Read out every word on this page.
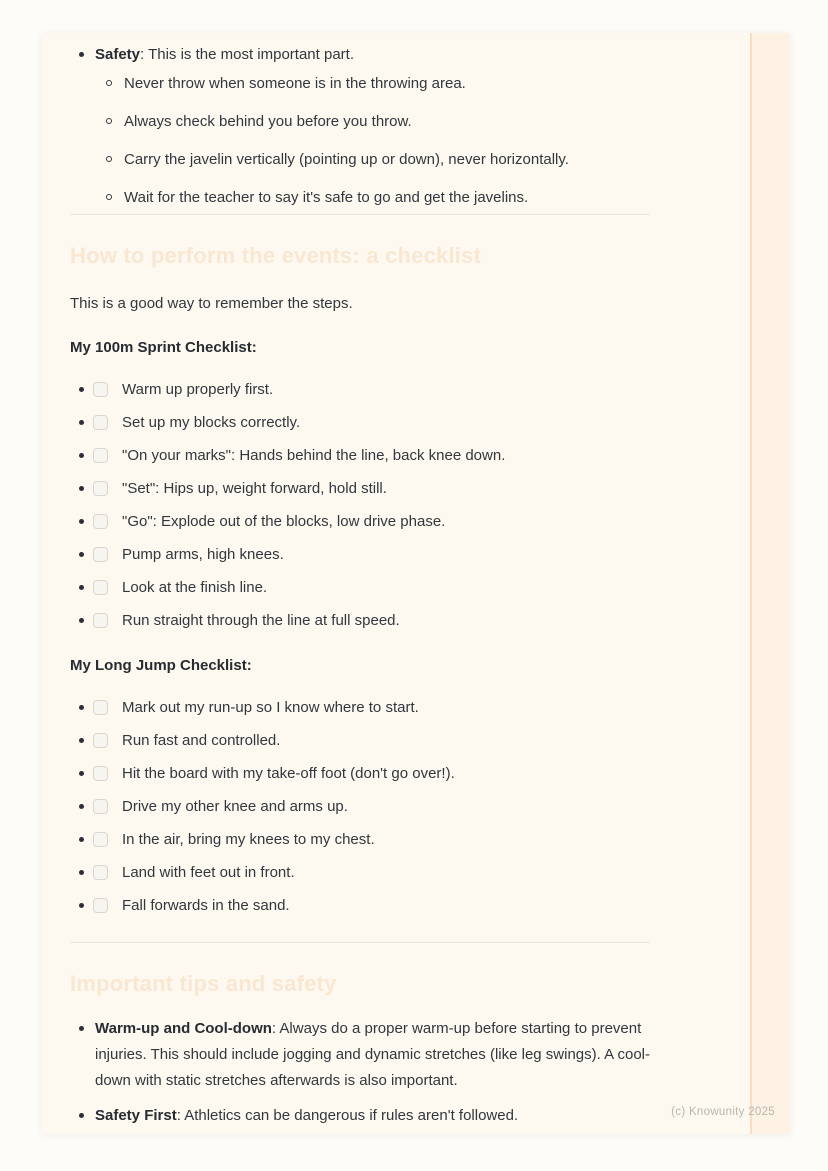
Safety: This is the most important part.
Never throw when someone is in the throwing area.
Always check behind you before you throw.
Carry the javelin vertically (pointing up or down), never horizontally.
Wait for the teacher to say it's safe to go and get the javelins.
How to perform the events: a checklist

This is a good way to remember the steps.

My 100m Sprint Checklist:

Warm up properly first.
Set up my blocks correctly.
"On your marks": Hands behind the line, back knee down.
"Set": Hips up, weight forward, hold still.
"Go": Explode out of the blocks, low drive phase.
Pump arms, high knees.
Look at the finish line.
Run straight through the line at full speed.

My Long Jump Checklist:

Mark out my run-up so I know where to start.
Run fast and controlled.
Hit the board with my take-off foot (don't go over!).
Drive my other knee and arms up.
In the air, bring my knees to my chest.
Land with feet out in front.
Fall forwards in the sand.
Important tips and safety
Warm-up and Cool-down: Always do a proper warm-up before starting to prevent injuries. This should include jogging and dynamic stretches (like leg swings). A cool-down with static stretches afterwards is also important.
Safety First: Athletics can be dangerous if rules aren't followed.	(c) Knowunity 2025
